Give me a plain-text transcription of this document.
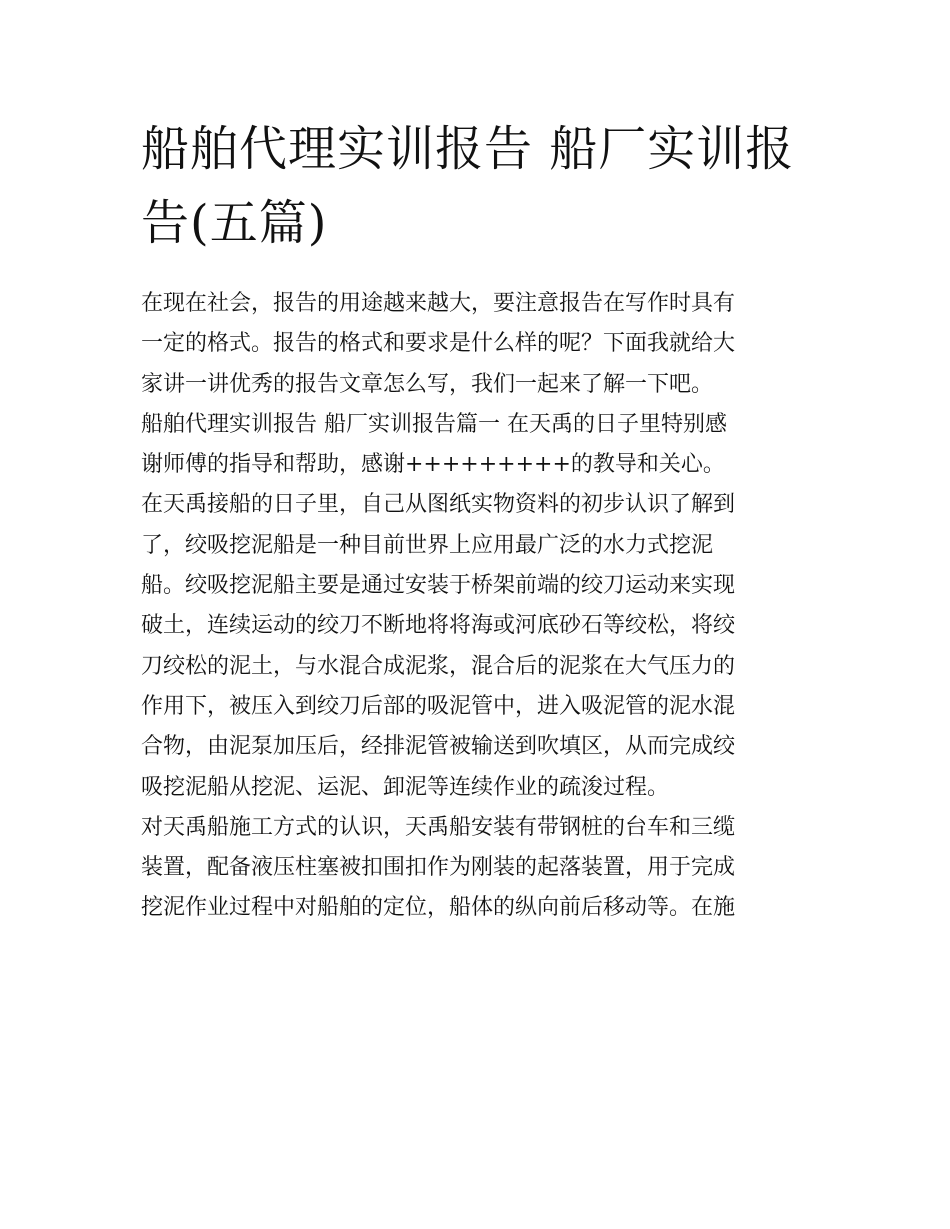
船舶代理实训报告 船厂实训报
告(五篇)

在现在社会，报告的用途越来越大，要注意报告在写作时具有
一定的格式。报告的格式和要求是什么样的呢？下面我就给大
家讲一讲优秀的报告文章怎么写，我们一起来了解一下吧。

船舶代理实训报告 船厂实训报告篇一 在天禹的日子里特别感
谢师傅的指导和帮助，感谢+++++++++的教导和关心。

在天禹接船的日子里，自己从图纸实物资料的初步认识了解到
了，绞吸挖泥船是一种目前世界上应用最广泛的水力式挖泥
船。绞吸挖泥船主要是通过安装于桥架前端的绞刀运动来实现
破土，连续运动的绞刀不断地将将海或河底砂石等绞松，将绞
刀绞松的泥土，与水混合成泥浆，混合后的泥浆在大气压力的
作用下，被压入到绞刀后部的吸泥管中，进入吸泥管的泥水混
合物，由泥泵加压后，经排泥管被输送到吹填区，从而完成绞
吸挖泥船从挖泥、运泥、卸泥等连续作业的疏浚过程。

对天禹船施工方式的认识，天禹船安装有带钢桩的台车和三缆
装置，配备液压柱塞被扣围扣作为刚装的起落装置，用于完成
挖泥作业过程中对船舶的定位，船体的纵向前后移动等。在施
